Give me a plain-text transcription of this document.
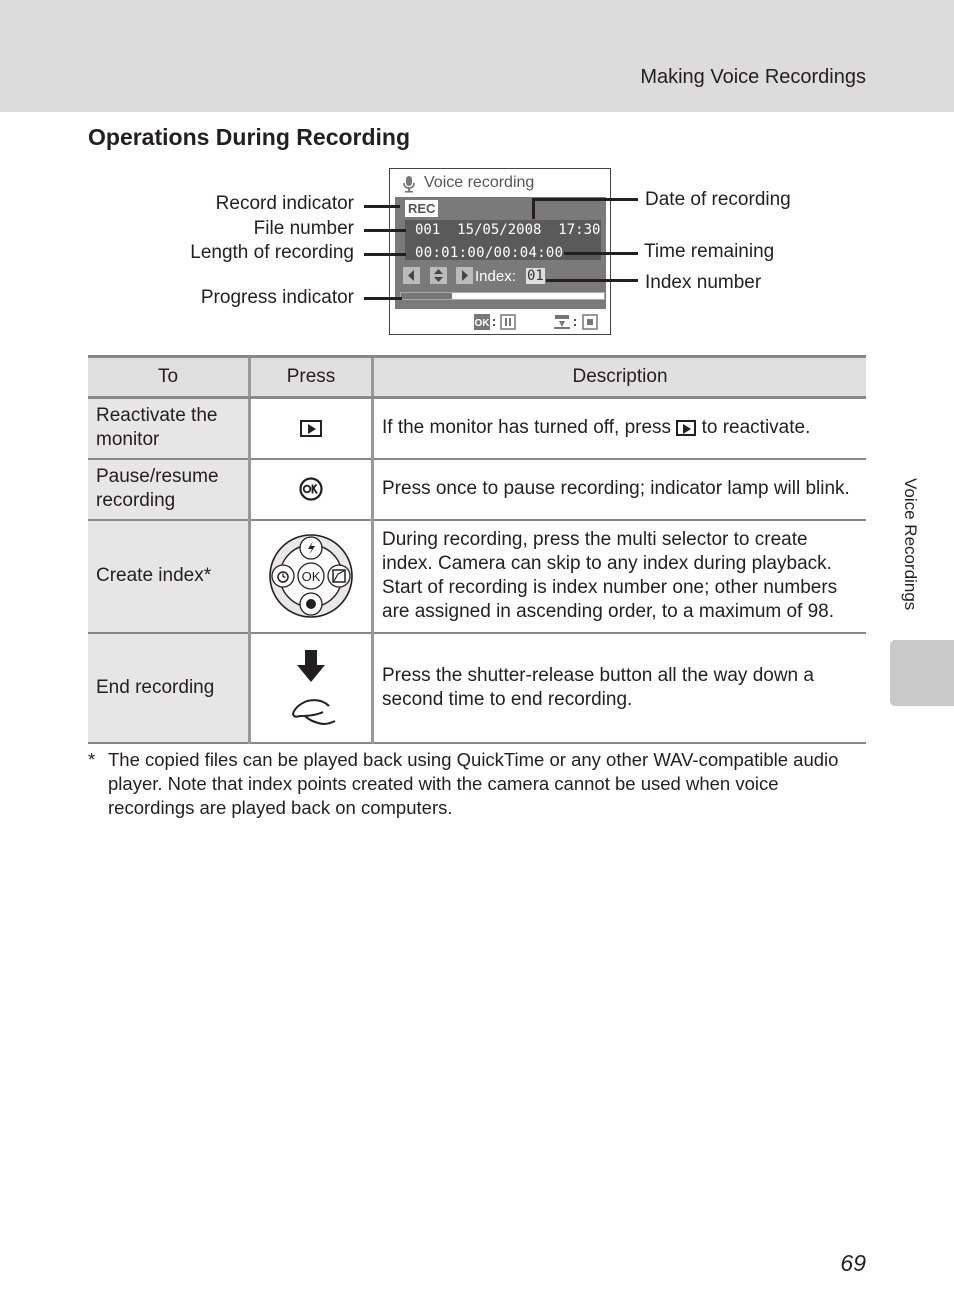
Making Voice Recordings
Operations During Recording
Voice recording
REC
001  15/05/2008  17:30
00:01:00/00:04:00
Index: 01
OK
Record indicator
File number
Length of recording
Progress indicator
Date of recording
Time remaining
Index number
To	Press	Description
Reactivate the monitor		If the monitor has turned off, press  to reactivate.
Pause/resume recording		Press once to pause recording; indicator lamp will blink.
Create index*	OK	During recording, press the multi selector to create index. Camera can skip to any index during playback. Start of recording is index number one; other numbers are assigned in ascending order, to a maximum of 98.
End recording		Press the shutter-release button all the way down a second time to end recording.
* The copied files can be played back using QuickTime or any other WAV-compatible audio player. Note that index points created with the camera cannot be used when voice recordings are played back on computers.
Voice Recordings
69
